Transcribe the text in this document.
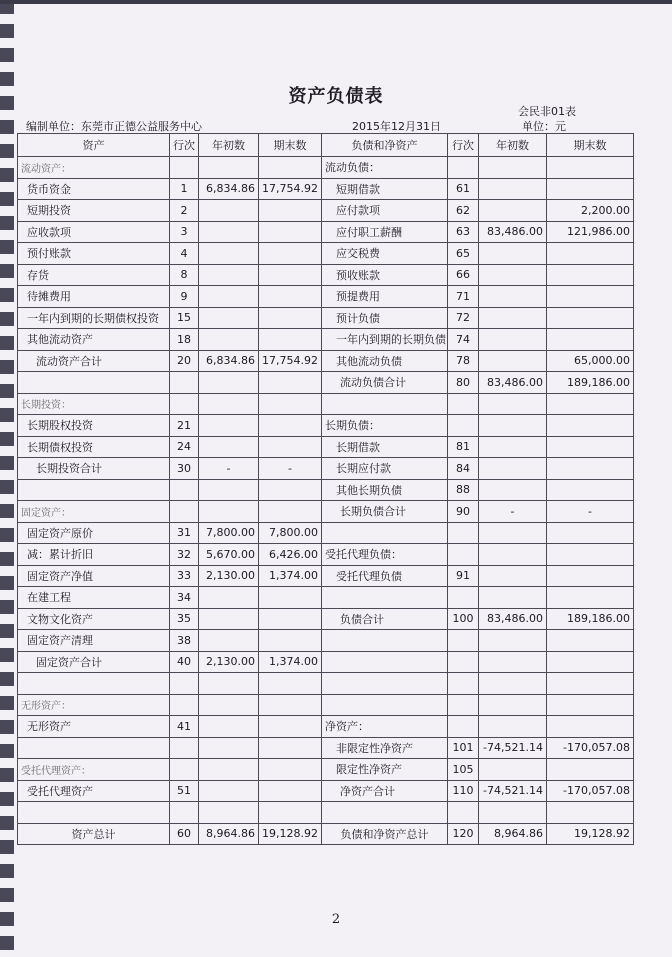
资产负债表
会民非01表
单位：元
编制单位：东莞市正德公益服务中心	2015年12月31日
资产	行次	年初数	期末数	负债和净资产	行次	年初数	期末数
流动资产：				流动负债：			
货币资金	1	6,834.86	17,754.92	短期借款	61		
短期投资	2			应付款项	62		2,200.00
应收款项	3			应付职工薪酬	63	83,486.00	121,986.00
预付账款	4			应交税费	65		
存货	8			预收账款	66		
待摊费用	9			预提费用	71		
一年内到期的长期债权投资	15			预计负债	72		
其他流动资产	18			一年内到期的长期负债	74		
流动资产合计	20	6,834.86	17,754.92	其他流动负债	78		65,000.00
				流动负债合计	80	83,486.00	189,186.00
长期投资：							
长期股权投资	21			长期负债：			
长期债权投资	24			长期借款	81		
长期投资合计	30	-	-	长期应付款	84		
				其他长期负债	88		
固定资产：				长期负债合计	90	-	-
固定资产原价	31	7,800.00	7,800.00				
减：累计折旧	32	5,670.00	6,426.00	受托代理负债：			
固定资产净值	33	2,130.00	1,374.00	受托代理负债	91		
在建工程	34						
文物文化资产	35			负债合计	100	83,486.00	189,186.00
固定资产清理	38						
固定资产合计	40	2,130.00	1,374.00				

无形资产：							
无形资产	41			净资产：			
				非限定性净资产	101	-74,521.14	-170,057.08
受托代理资产：				限定性净资产	105		
受托代理资产	51			净资产合计	110	-74,521.14	-170,057.08

资产总计	60	8,964.86	19,128.92	负债和净资产总计	120	8,964.86	19,128.92
2
